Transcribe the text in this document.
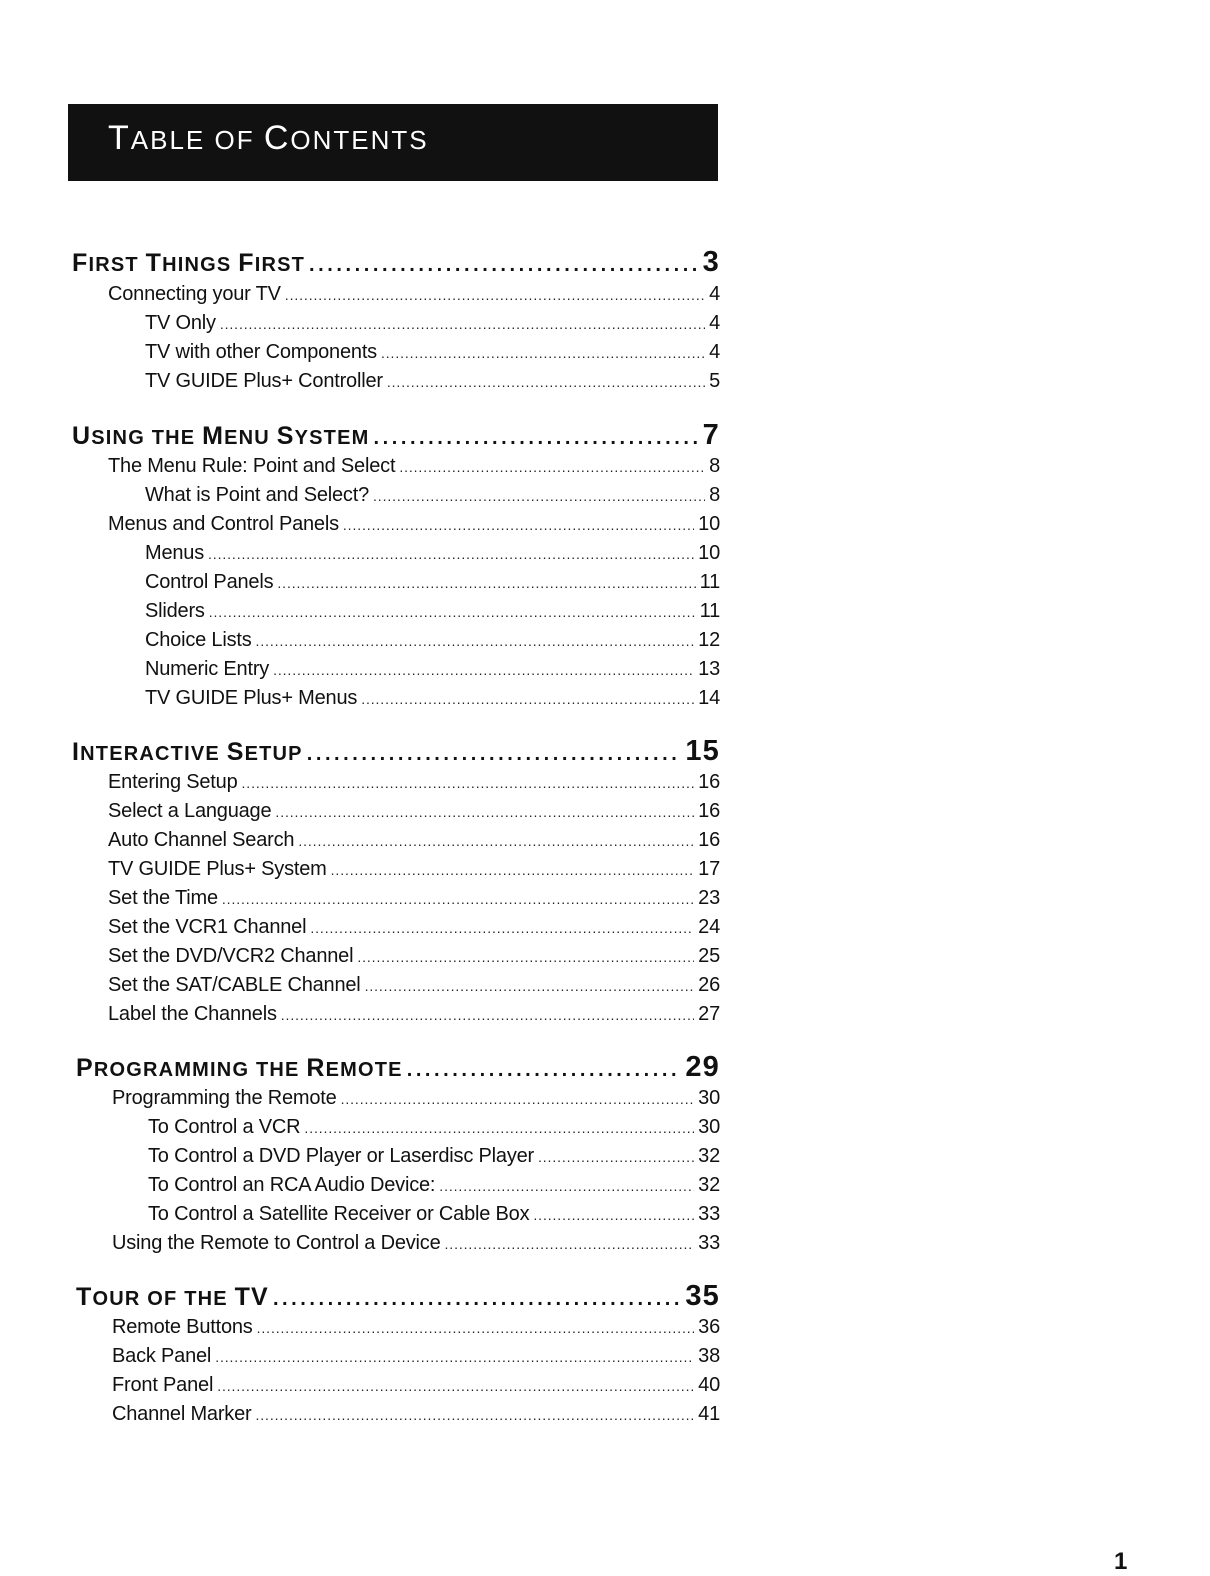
TABLE OF CONTENTS
FIRST THINGS FIRST . . .	3
Connecting your TV . . .	4
TV Only . . .	4
TV with other Components . . .	4
TV GUIDE Plus+ Controller . . .	5
USING THE MENU SYSTEM . . .	7
The Menu Rule: Point and Select . . .	8
What is Point and Select? . . .	8
Menus and Control Panels . . .	10
Menus . . .	10
Control Panels . . .	11
Sliders . . .	11
Choice Lists . . .	12
Numeric Entry . . .	13
TV GUIDE Plus+ Menus . . .	14
INTERACTIVE SETUP . . .	15
Entering Setup . . .	16
Select a Language . . .	16
Auto Channel Search . . .	16
TV GUIDE Plus+ System . . .	17
Set the Time . . .	23
Set the VCR1 Channel . . .	24
Set the DVD/VCR2 Channel . . .	25
Set the SAT/CABLE Channel . . .	26
Label the Channels . . .	27
PROGRAMMING THE REMOTE . . .	29
Programming the Remote . . .	30
To Control a VCR . . .	30
To Control a DVD Player or Laserdisc Player . . .	32
To Control an RCA Audio Device: . . .	32
To Control a Satellite Receiver or Cable Box . . .	33
Using the Remote to Control a Device . . .	33
TOUR OF THE TV . . .	35
Remote Buttons . . .	36
Back Panel . . .	38
Front Panel . . .	40
Channel Marker . . .	41
1
